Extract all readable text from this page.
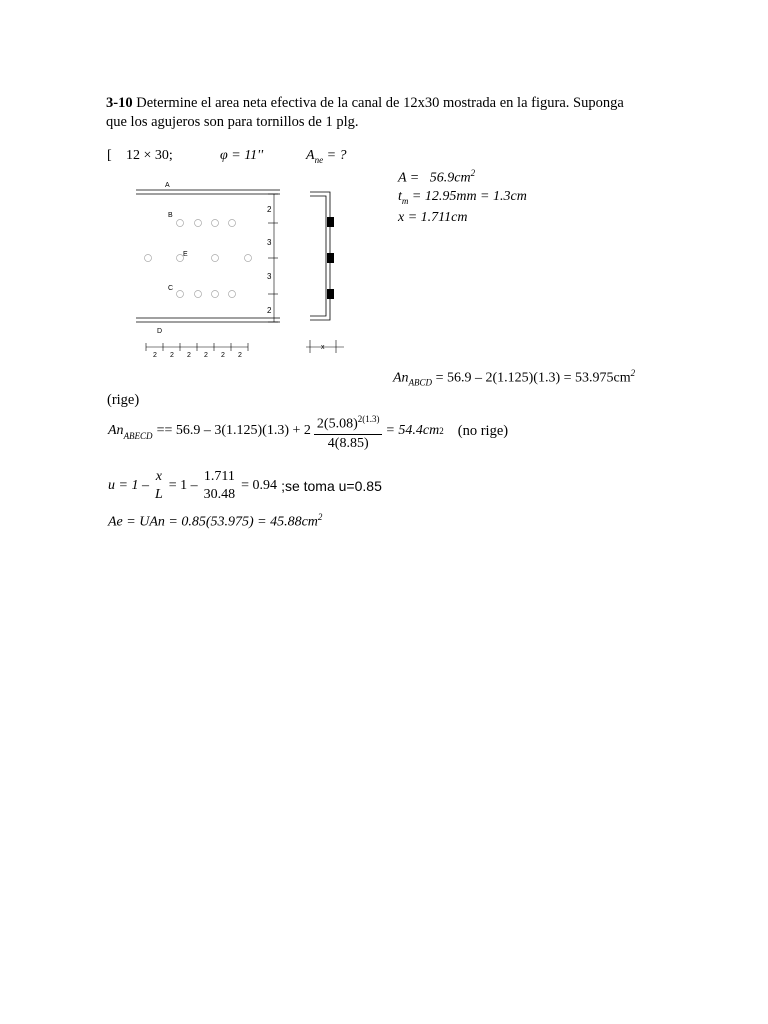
3-10 Determine el area neta efectiva de la canal de 12x30 mostrada en la figura. Suponga
que los agujeros son para tornillos de 1 plg.
[ 12 × 30;	φ = 11''	$A_{ne}$ = ?
$A = 56.9cm^2$
$t_m = 12.95mm = 1.3cm$
x = 1.711cm
A
B
E
C
D
2
3
3
2
2 2 2 2 2 2
x
$An_{ABCD} = 56.9 - 2(1.125)(1.3) = 53.975cm^2$
(rige)
$An_{ABECD} == 56.9 - 3(1.125)(1.3) + 2 \frac{2(5.08)^{2(1.3)}}{4(8.85)} = 54.4cm$ 2 (no rige)
u = 1 –
x
L
= 1 –
1.711
30.48
= 0.94 ;se toma u=0.85
Ae = UAn = $0.85(53.975) = 45.88cm^2$
